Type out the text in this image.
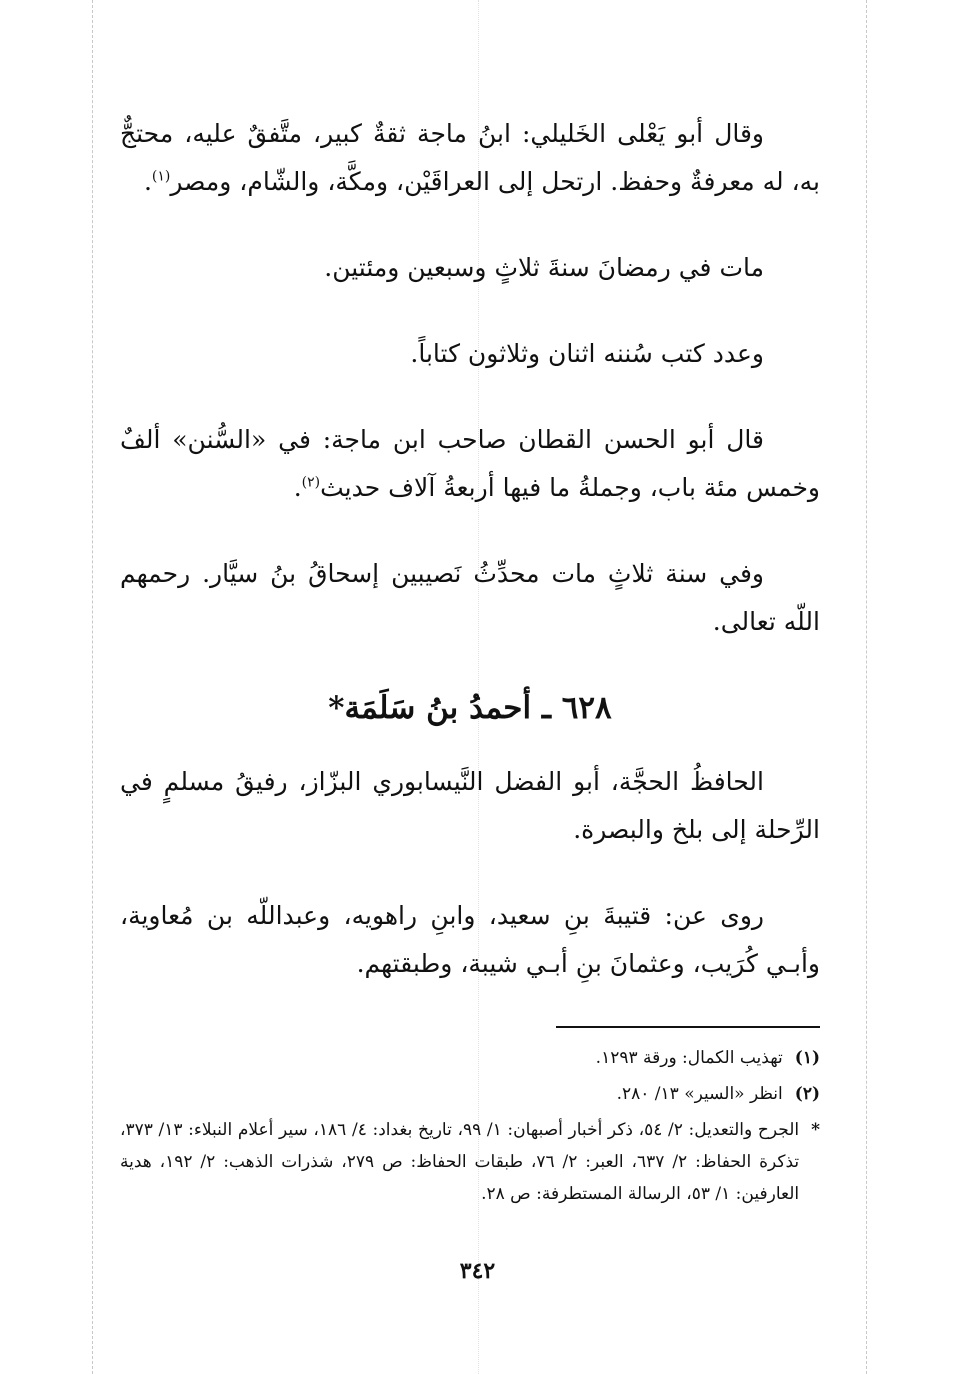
وقال أبو يَعْلى الخَليلي: ابنُ ماجة ثقةٌ كبير، متَّفقٌ عليه، محتجٌّ به، له معرفةٌ وحفظ. ارتحل إلى العراقَيْن، ومكَّة، والشّام، ومصر$^{(١)}$.

مات في رمضانَ سنةَ ثلاثٍ وسبعين ومئتين.

وعدد كتب سُننه اثنان وثلاثون كتاباً.

قال أبو الحسن القطان صاحب ابن ماجة: في «السُّنن» ألفٌ وخمس مئة باب، وجملةُ ما فيها أربعةُ آلاف حديث$^{(٢)}$.

وفي سنة ثلاثٍ مات محدِّثُ نَصيبين إسحاقُ بنُ سيَّار. رحمهم اللّه تعالى.

٦٢٨ ـ أحمدُ بنُ سَلَمَة*

الحافظُ الحجَّة، أبو الفضل النَّيسابوري البزّاز، رفيقُ مسلمٍ في الرِّحلة إلى بلخ والبصرة.

روى عن: قتيبةَ بنِ سعيد، وابنِ راهويه، وعبداللّه بن مُعاوية، وأبـي كُرَيب، وعثمانَ بنِ أبـي شيبة، وطبقتهم.

(١)
تهذيب الكمال: ورقة ١٢٩٣.
(٢)
انظر «السير» ١٣/ ٢٨٠.
*
الجرح والتعديل: ٢/ ٥٤، ذكر أخبار أصبهان: ١/ ٩٩، تاريخ بغداد: ٤/ ١٨٦، سير أعلام النبلاء: ١٣/ ٣٧٣، تذكرة الحفاظ: ٢/ ٦٣٧، العبر: ٢/ ٧٦، طبقات الحفاظ: ص ٢٧٩، شذرات الذهب: ٢/ ١٩٢، هدية العارفين: ١/ ٥٣، الرسالة المستطرفة: ص ٢٨.
٣٤٢
